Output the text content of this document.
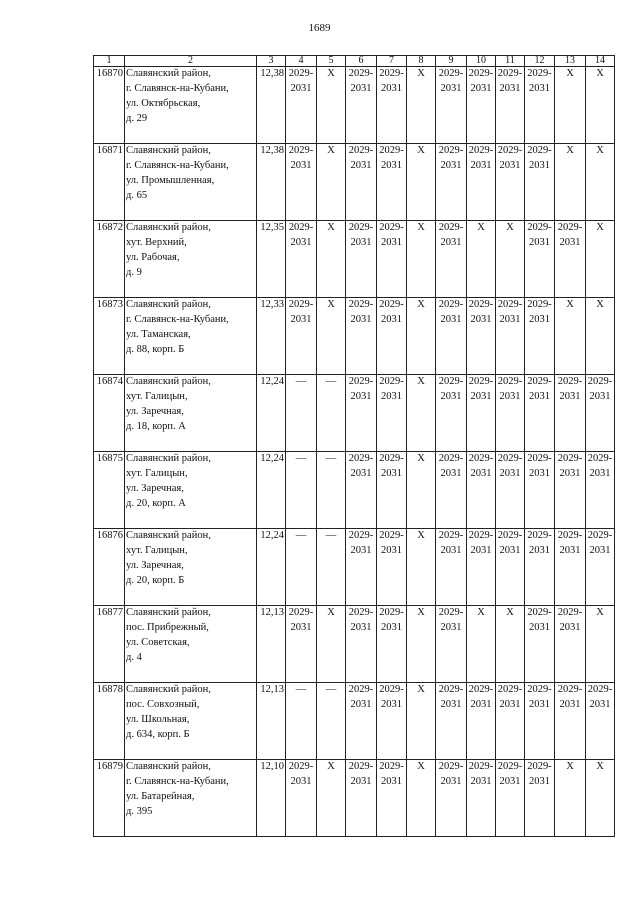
1689
1	2	3	4	5	6	7	8	9	10	11	12	13	14
16870	Славянский район,
г. Славянск-на-Кубани,
ул. Октябрьская,
д. 29	12,38	2029-
2031	X	2029-
2031	2029-
2031	X	2029-
2031	2029-
2031	2029-
2031	2029-
2031	X	X
16871	Славянский район,
г. Славянск-на-Кубани,
ул. Промышленная,
д. 65	12,38	2029-
2031	X	2029-
2031	2029-
2031	X	2029-
2031	2029-
2031	2029-
2031	2029-
2031	X	X
16872	Славянский район,
хут. Верхний,
ул. Рабочая,
д. 9	12,35	2029-
2031	X	2029-
2031	2029-
2031	X	2029-
2031	X	X	2029-
2031	2029-
2031	X
16873	Славянский район,
г. Славянск-на-Кубани,
ул. Таманская,
д. 88, корп. Б	12,33	2029-
2031	X	2029-
2031	2029-
2031	X	2029-
2031	2029-
2031	2029-
2031	2029-
2031	X	X
16874	Славянский район,
хут. Галицын,
ул. Заречная,
д. 18, корп. А	12,24	—	—	2029-
2031	2029-
2031	X	2029-
2031	2029-
2031	2029-
2031	2029-
2031	2029-
2031	2029-
2031
16875	Славянский район,
хут. Галицын,
ул. Заречная,
д. 20, корп. А	12,24	—	—	2029-
2031	2029-
2031	X	2029-
2031	2029-
2031	2029-
2031	2029-
2031	2029-
2031	2029-
2031
16876	Славянский район,
хут. Галицын,
ул. Заречная,
д. 20, корп. Б	12,24	—	—	2029-
2031	2029-
2031	X	2029-
2031	2029-
2031	2029-
2031	2029-
2031	2029-
2031	2029-
2031
16877	Славянский район,
пос. Прибрежный,
ул. Советская,
д. 4	12,13	2029-
2031	X	2029-
2031	2029-
2031	X	2029-
2031	X	X	2029-
2031	2029-
2031	X
16878	Славянский район,
пос. Совхозный,
ул. Школьная,
д. 634, корп. Б	12,13	—	—	2029-
2031	2029-
2031	X	2029-
2031	2029-
2031	2029-
2031	2029-
2031	2029-
2031	2029-
2031
16879	Славянский район,
г. Славянск-на-Кубани,
ул. Батарейная,
д. 395	12,10	2029-
2031	X	2029-
2031	2029-
2031	X	2029-
2031	2029-
2031	2029-
2031	2029-
2031	X	X
